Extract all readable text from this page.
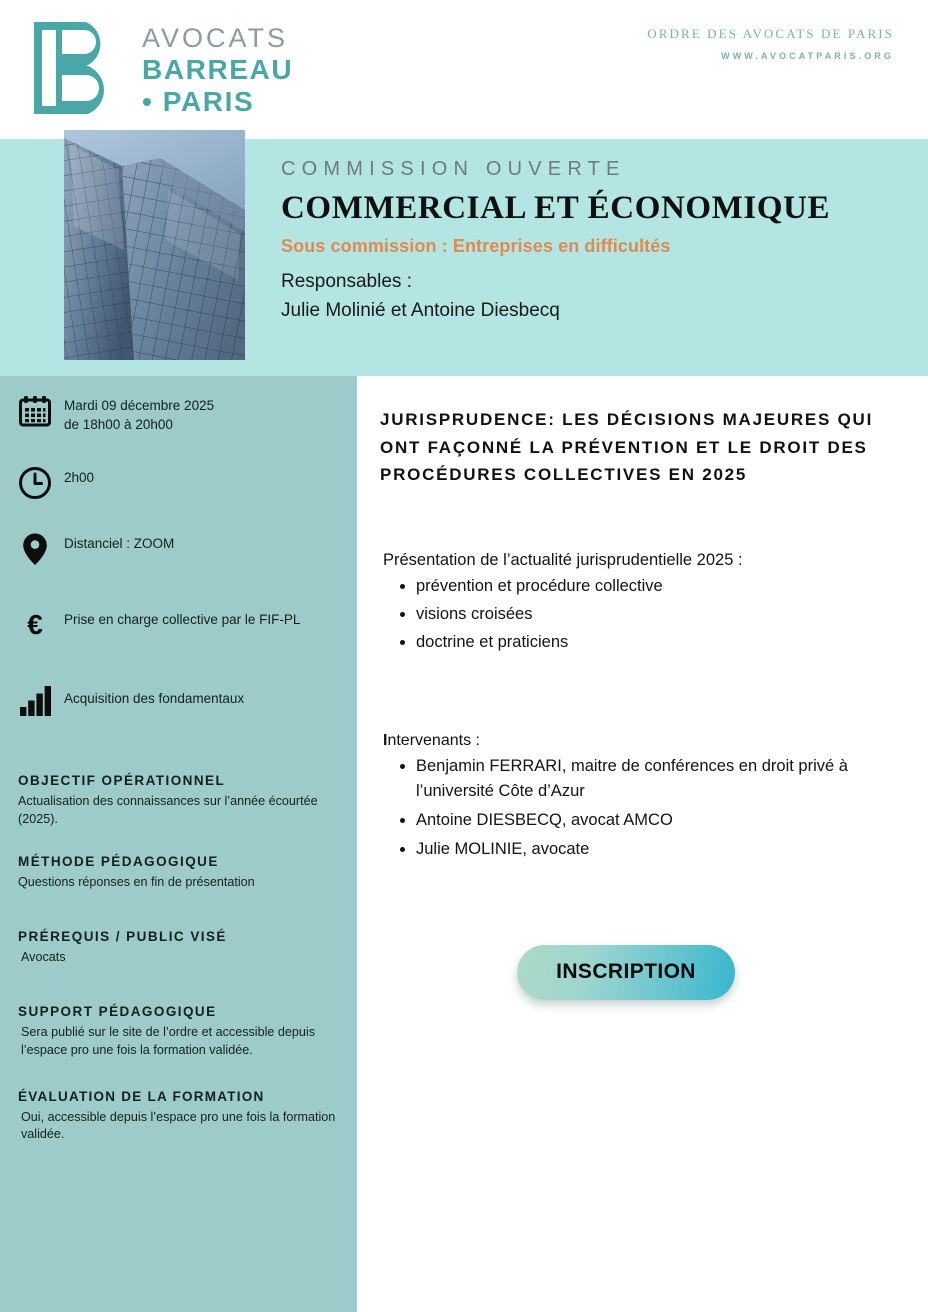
AVOCATS
BARREAU
• PARIS
ORDRE DES AVOCATS DE PARIS
WWW.AVOCATPARIS.ORG
COMMISSION OUVERTE
COMMERCIAL ET ÉCONOMIQUE
Sous commission : Entreprises en difficultés
Responsables :
Julie Molinié et Antoine Diesbecq
Mardi 09 décembre 2025
de 18h00 à 20h00
2h00
Distanciel : ZOOM
€ Prise en charge collective par le FIF-PL
Acquisition des fondamentaux
OBJECTIF OPÉRATIONNEL
Actualisation des connaissances sur l’année écourtée (2025).
MÉTHODE PÉDAGOGIQUE
Questions réponses en fin de présentation
PRÉREQUIS / PUBLIC VISÉ
Avocats
SUPPORT PÉDAGOGIQUE
Sera publié sur le site de l’ordre et accessible depuis l’espace pro une fois la formation validée.
ÉVALUATION DE LA FORMATION
Oui, accessible depuis l’espace pro une fois la formation validée.
JURISPRUDENCE: LES DÉCISIONS MAJEURES QUI ONT FAÇONNÉ LA PRÉVENTION ET LE DROIT DES PROCÉDURES COLLECTIVES EN 2025
Présentation de l’actualité jurisprudentielle 2025 :
• prévention et procédure collective
• visions croisées
• doctrine et praticiens
Intervenants :
• Benjamin FERRARI, maitre de conférences en droit privé à l’université Côte d’Azur
• Antoine DIESBECQ, avocat AMCO
• Julie MOLINIE, avocate
INSCRIPTION
